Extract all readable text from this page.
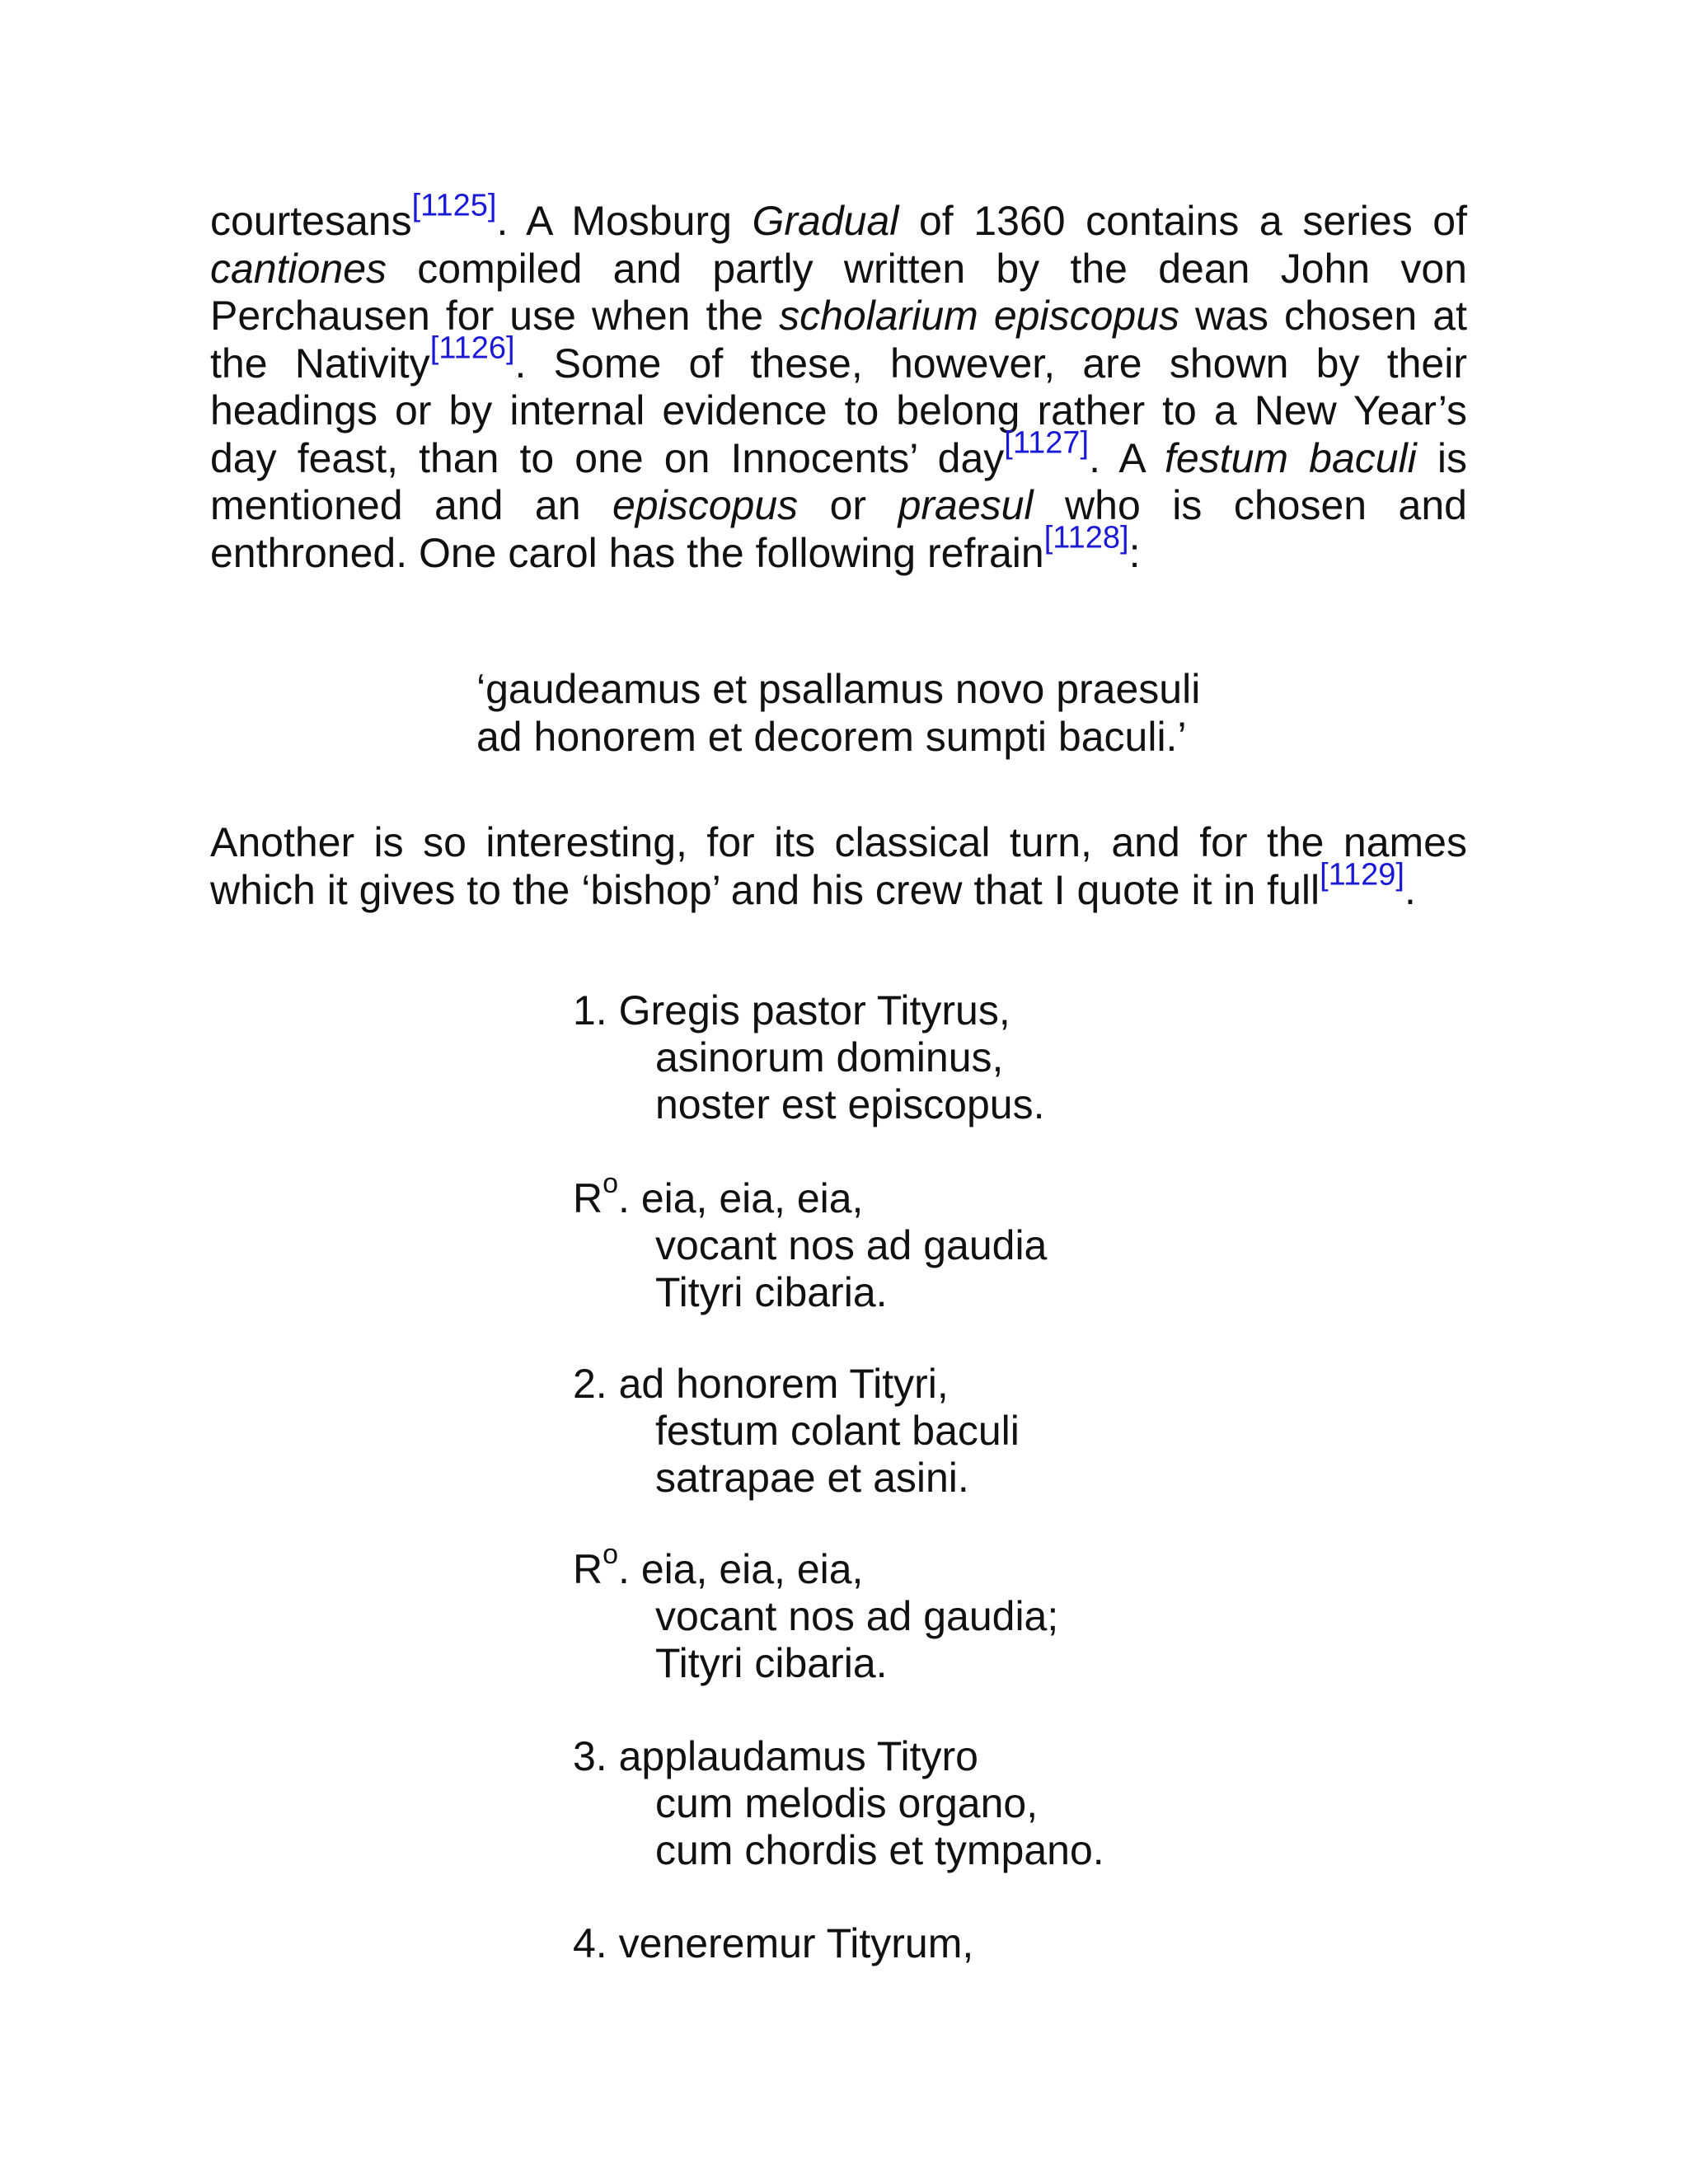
courtesans[1125]. A Mosburg Gradual of 1360 contains a series of cantiones compiled and partly written by the dean John von Perchausen for use when the scholarium episcopus was chosen at the Nativity[1126]. Some of these, however, are shown by their headings or by internal evidence to belong rather to a New Year’s day feast, than to one on Innocents’ day[1127]. A festum baculi is mentioned and an episcopus or praesul who is chosen and enthroned. One carol has the following refrain[1128]:

‘gaudeamus et psallamus novo praesuli
ad honorem et decorem sumpti baculi.’

Another is so interesting, for its classical turn, and for the names which it gives to the ‘bishop’ and his crew that I quote it in full[1129].

1. Gregis pastor Tityrus,
asinorum dominus,
noster est episcopus.
$R^o$. eia, eia, eia,
vocant nos ad gaudia
Tityri cibaria.
2. ad honorem Tityri,
festum colant baculi
satrapae et asini.
$R^o$. eia, eia, eia,
vocant nos ad gaudia;
Tityri cibaria.
3. applaudamus Tityro
cum melodis organo,
cum chordis et tympano.
4. veneremur Tityrum,
